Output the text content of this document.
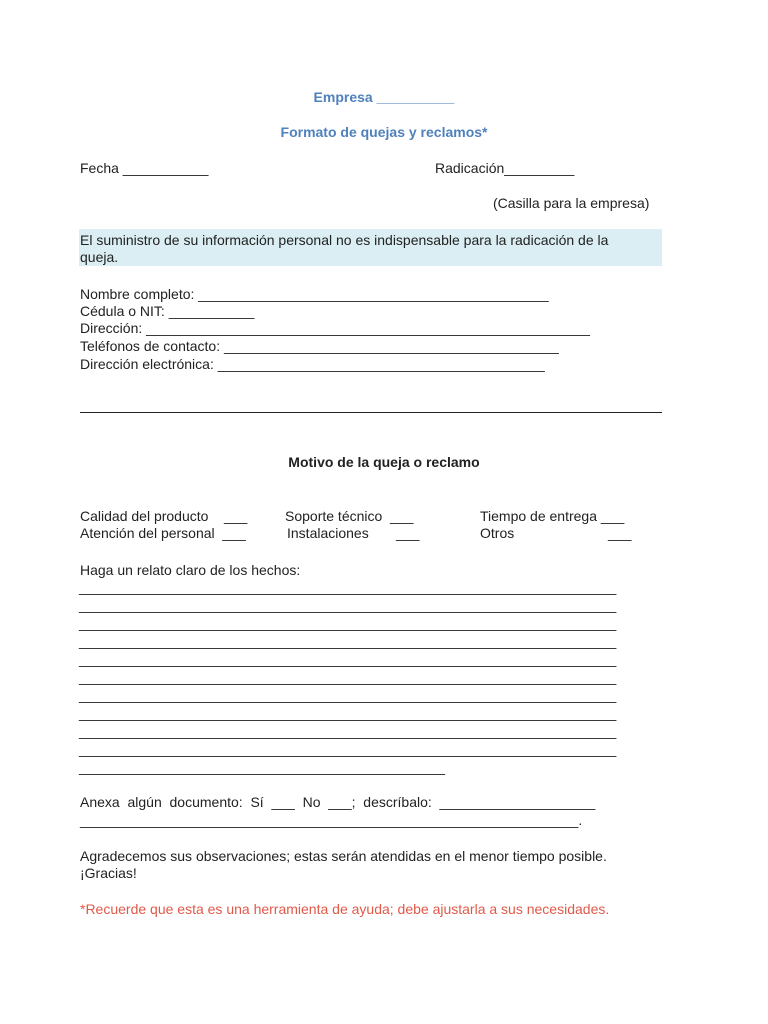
Empresa __________
Formato de quejas y reclamos*
Fecha ___________	Radicación_________
(Casilla para la empresa)
El suministro de su información personal no es indispensable para la radicación de la
queja.
Nombre completo: _____________________________________________
Cédula o NIT: ___________
Dirección: _________________________________________________________
Teléfonos de contacto: ___________________________________________
Dirección electrónica: __________________________________________
Motivo de la queja o reclamo
Calidad del producto    ___	Soporte técnico  ___	Tiempo de entrega ___
Atención del personal  ___	Instalaciones ___	Otros	___
Haga un relato claro de los hechos:
_____________________________________________________________________
_____________________________________________________________________
_____________________________________________________________________
_____________________________________________________________________
_____________________________________________________________________
_____________________________________________________________________
_____________________________________________________________________
_____________________________________________________________________
_____________________________________________________________________
_____________________________________________________________________
_______________________________________________
Anexa  algún  documento:  Sí  ___  No  ___;  descríbalo:  ____________________
________________________________________________________________.
Agradecemos sus observaciones; estas serán atendidas en el menor tiempo posible.
¡Gracias!
*Recuerde que esta es una herramienta de ayuda; debe ajustarla a sus necesidades.
